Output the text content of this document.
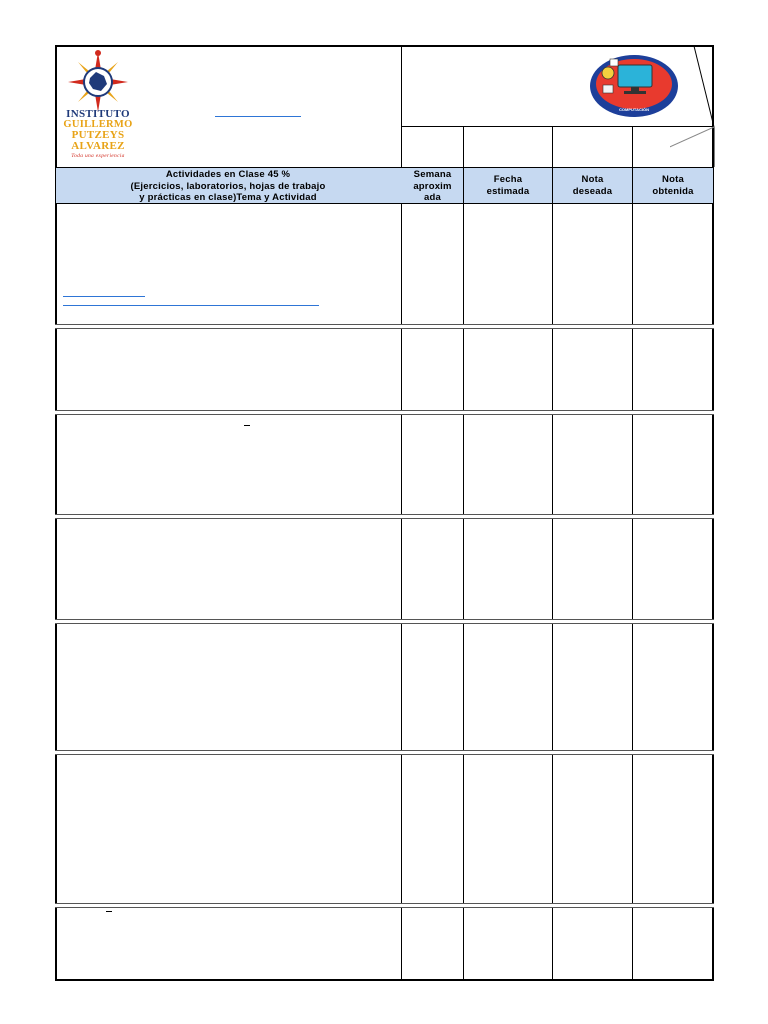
INSTITUTO
GUILLERMO
PUTZEYS
ALVAREZ
Toda una experiencia
COMPUTACIÓN
Actividades en Clase 45 %
(Ejercicios, laboratorios, hojas de trabajo
y prácticas en clase)Tema y Actividad
Semana
aproxim
ada
Fecha
estimada
Nota
deseada
Nota
obtenida
